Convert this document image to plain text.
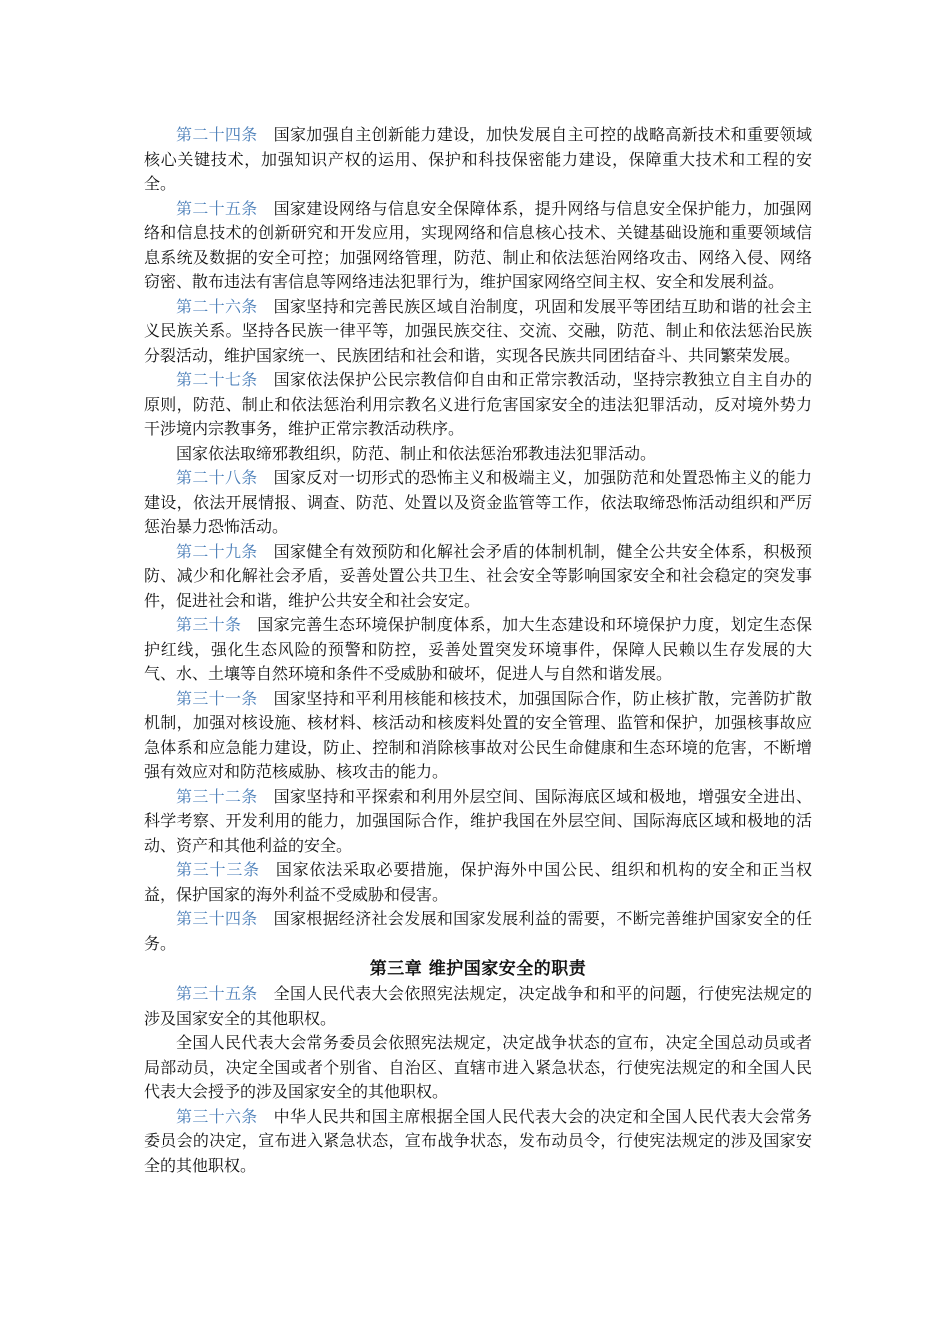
第二十四条 国家加强自主创新能力建设，加快发展自主可控的战略高新技术和重要领域核心关键技术，加强知识产权的运用、保护和科技保密能力建设，保障重大技术和工程的安全。

第二十五条 国家建设网络与信息安全保障体系，提升网络与信息安全保护能力，加强网络和信息技术的创新研究和开发应用，实现网络和信息核心技术、关键基础设施和重要领域信息系统及数据的安全可控；加强网络管理，防范、制止和依法惩治网络攻击、网络入侵、网络窃密、散布违法有害信息等网络违法犯罪行为，维护国家网络空间主权、安全和发展利益。

第二十六条 国家坚持和完善民族区域自治制度，巩固和发展平等团结互助和谐的社会主义民族关系。坚持各民族一律平等，加强民族交往、交流、交融，防范、制止和依法惩治民族分裂活动，维护国家统一、民族团结和社会和谐，实现各民族共同团结奋斗、共同繁荣发展。

第二十七条 国家依法保护公民宗教信仰自由和正常宗教活动，坚持宗教独立自主自办的原则，防范、制止和依法惩治利用宗教名义进行危害国家安全的违法犯罪活动，反对境外势力干涉境内宗教事务，维护正常宗教活动秩序。

国家依法取缔邪教组织，防范、制止和依法惩治邪教违法犯罪活动。

第二十八条 国家反对一切形式的恐怖主义和极端主义，加强防范和处置恐怖主义的能力建设，依法开展情报、调查、防范、处置以及资金监管等工作，依法取缔恐怖活动组织和严厉惩治暴力恐怖活动。

第二十九条 国家健全有效预防和化解社会矛盾的体制机制，健全公共安全体系，积极预防、减少和化解社会矛盾，妥善处置公共卫生、社会安全等影响国家安全和社会稳定的突发事件，促进社会和谐，维护公共安全和社会安定。

第三十条 国家完善生态环境保护制度体系，加大生态建设和环境保护力度，划定生态保护红线，强化生态风险的预警和防控，妥善处置突发环境事件，保障人民赖以生存发展的大气、水、土壤等自然环境和条件不受威胁和破坏，促进人与自然和谐发展。

第三十一条 国家坚持和平利用核能和核技术，加强国际合作，防止核扩散，完善防扩散机制，加强对核设施、核材料、核活动和核废料处置的安全管理、监管和保护，加强核事故应急体系和应急能力建设，防止、控制和消除核事故对公民生命健康和生态环境的危害，不断增强有效应对和防范核威胁、核攻击的能力。

第三十二条 国家坚持和平探索和利用外层空间、国际海底区域和极地，增强安全进出、科学考察、开发利用的能力，加强国际合作，维护我国在外层空间、国际海底区域和极地的活动、资产和其他利益的安全。

第三十三条 国家依法采取必要措施，保护海外中国公民、组织和机构的安全和正当权益，保护国家的海外利益不受威胁和侵害。

第三十四条 国家根据经济社会发展和国家发展利益的需要，不断完善维护国家安全的任务。

第三章 维护国家安全的职责

第三十五条 全国人民代表大会依照宪法规定，决定战争和和平的问题，行使宪法规定的涉及国家安全的其他职权。

全国人民代表大会常务委员会依照宪法规定，决定战争状态的宣布，决定全国总动员或者局部动员，决定全国或者个别省、自治区、直辖市进入紧急状态，行使宪法规定的和全国人民代表大会授予的涉及国家安全的其他职权。

第三十六条 中华人民共和国主席根据全国人民代表大会的决定和全国人民代表大会常务委员会的决定，宣布进入紧急状态，宣布战争状态，发布动员令，行使宪法规定的涉及国家安全的其他职权。
